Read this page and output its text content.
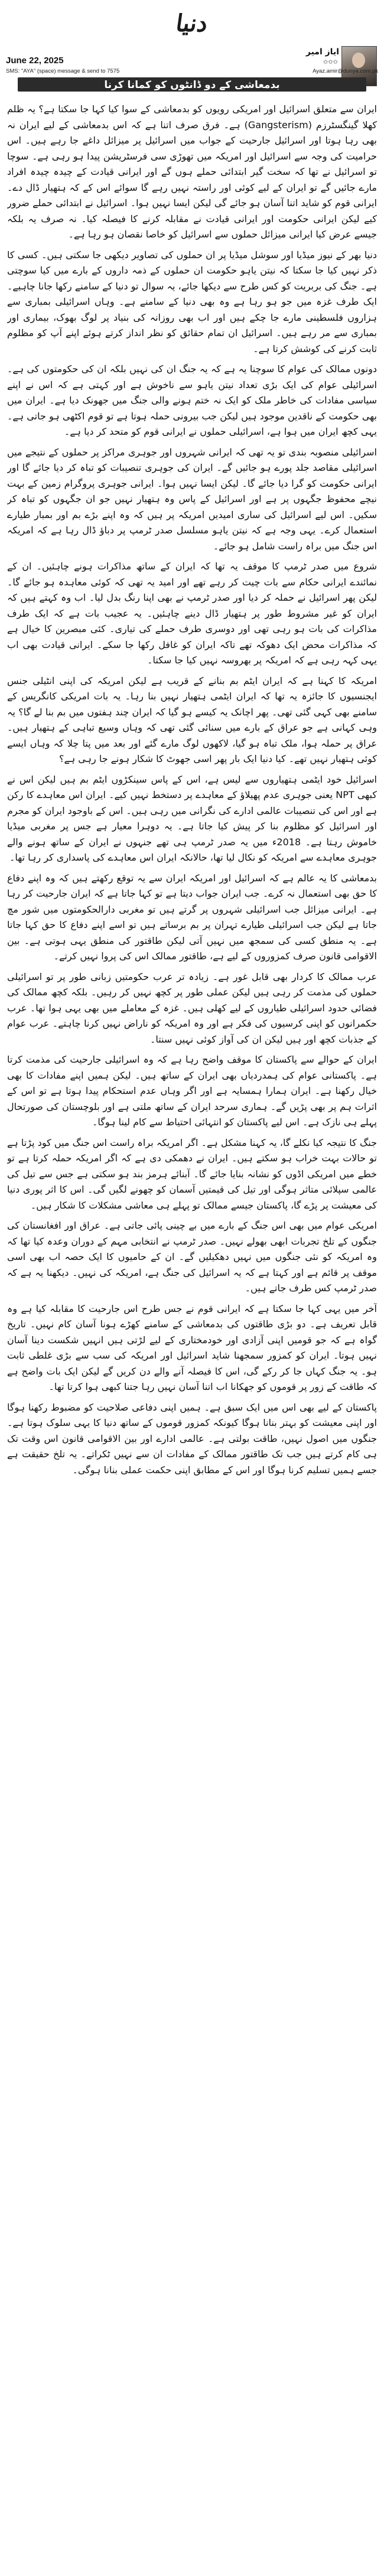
دنیا
ایاز امیر
✩✩✩
June 22, 2025
SMS: "AYA" (space) message & send to 7575	Ayaz.amir@dunya.com.pk
بدمعاشی کے دو ڈانٹوں کو کمانا کرنا

ایران سے متعلق اسرائیل اور امریکی رویوں کو بدمعاشی کے سوا کیا کہا جا سکتا ہے؟ یہ ظلم کھلا گینگسٹرزم (Gangsterism) ہے۔ فرق صرف اتنا ہے کہ اس بدمعاشی کے لیے ایران نہ بھی رہا ہوتا اور اسرائیل جارحیت کے جواب میں اسرائیل پر میزائل داغے جا رہے ہیں۔ اس حرامیت کی وجہ سے اسرائیل اور امریکہ میں تھوڑی سی فرسٹریشن پیدا ہو رہی ہے۔ سوچا تو اسرائیل نے تھا کہ سخت گیر ابتدائی حملے ہوں گے اور ایرانی قیادت کے چیدہ چیدہ افراد مارے جائیں گے تو ایران کے لیے کوئی اور راستہ نہیں رہے گا سوائے اس کے کہ ہتھیار ڈال دے۔ ایرانی قوم کو شاید اتنا آسان ہو جائے گی لیکن ایسا نہیں ہوا۔ اسرائیل نے ابتدائی حملے ضرور کیے لیکن ایرانی حکومت اور ایرانی قیادت نے مقابلہ کرنے کا فیصلہ کیا۔ نہ صرف یہ بلکہ جیسے عرض کیا ایرانی میزائل حملوں سے اسرائیل کو خاصا نقصان ہو رہا ہے۔

دنیا بھر کے نیوز میڈیا اور سوشل میڈیا پر ان حملوں کی تصاویر دیکھی جا سکتی ہیں۔ کسی کا ذکر نہیں کیا جا سکتا کہ نیتن یاہو حکومت ان حملوں کے ذمہ داروں کے بارے میں کیا سوچتی ہے۔ جنگ کی بربریت کو کس طرح سے دیکھا جائے، یہ سوال تو دنیا کے سامنے رکھا جانا چاہیے۔ ایک طرف غزہ میں جو ہو رہا ہے وہ بھی دنیا کے سامنے ہے۔ وہاں اسرائیلی بمباری سے ہزاروں فلسطینی مارے جا چکے ہیں اور اب بھی روزانہ کی بنیاد پر لوگ بھوک، بیماری اور بمباری سے مر رہے ہیں۔ اسرائیل ان تمام حقائق کو نظر انداز کرتے ہوئے اپنے آپ کو مظلوم ثابت کرنے کی کوشش کرتا ہے۔

دونوں ممالک کی عوام کا سوچنا یہ ہے کہ یہ جنگ ان کی نہیں بلکہ ان کی حکومتوں کی ہے۔ اسرائیلی عوام کی ایک بڑی تعداد نیتن یاہو سے ناخوش ہے اور کہتی ہے کہ اس نے اپنے سیاسی مفادات کی خاطر ملک کو ایک نہ ختم ہونے والی جنگ میں جھونک دیا ہے۔ ایران میں بھی حکومت کے ناقدین موجود ہیں لیکن جب بیرونی حملہ ہوتا ہے تو قوم اکٹھی ہو جاتی ہے۔ یہی کچھ ایران میں ہوا ہے، اسرائیلی حملوں نے ایرانی قوم کو متحد کر دیا ہے۔

اسرائیلی منصوبہ بندی تو یہ تھی کہ ایرانی شہروں اور جوہری مراکز پر حملوں کے نتیجے میں اسرائیلی مقاصد جلد پورے ہو جائیں گے۔ ایران کی جوہری تنصیبات کو تباہ کر دیا جائے گا اور ایرانی حکومت کو گرا دیا جائے گا۔ لیکن ایسا نہیں ہوا۔ ایرانی جوہری پروگرام زمین کے بہت نیچے محفوظ جگہوں پر ہے اور اسرائیل کے پاس وہ ہتھیار نہیں جو ان جگہوں کو تباہ کر سکیں۔ اس لیے اسرائیل کی ساری امیدیں امریکہ پر ہیں کہ وہ اپنے بڑے بم اور بمبار طیارے استعمال کرے۔ یہی وجہ ہے کہ نیتن یاہو مسلسل صدر ٹرمپ پر دباؤ ڈال رہا ہے کہ امریکہ اس جنگ میں براہ راست شامل ہو جائے۔

شروع میں صدر ٹرمپ کا موقف یہ تھا کہ ایران کے ساتھ مذاکرات ہونے چاہئیں۔ ان کے نمائندے ایرانی حکام سے بات چیت کر رہے تھے اور امید یہ تھی کہ کوئی معاہدہ ہو جائے گا۔ لیکن پھر اسرائیل نے حملہ کر دیا اور صدر ٹرمپ نے بھی اپنا رنگ بدل لیا۔ اب وہ کہتے ہیں کہ ایران کو غیر مشروط طور پر ہتھیار ڈال دینے چاہئیں۔ یہ عجیب بات ہے کہ ایک طرف مذاکرات کی بات ہو رہی تھی اور دوسری طرف حملے کی تیاری۔ کئی مبصرین کا خیال ہے کہ مذاکرات محض ایک دھوکہ تھے تاکہ ایران کو غافل رکھا جا سکے۔ ایرانی قیادت بھی اب یہی کہہ رہی ہے کہ امریکہ پر بھروسہ نہیں کیا جا سکتا۔

امریکہ کا کہنا ہے کہ ایران ایٹم بم بنانے کے قریب ہے لیکن امریکہ کی اپنی انٹیلی جنس ایجنسیوں کا جائزہ یہ تھا کہ ایران ایٹمی ہتھیار نہیں بنا رہا۔ یہ بات امریکی کانگریس کے سامنے بھی کہی گئی تھی۔ پھر اچانک یہ کیسے ہو گیا کہ ایران چند ہفتوں میں بم بنا لے گا؟ یہ وہی کہانی ہے جو عراق کے بارے میں سنائی گئی تھی کہ وہاں وسیع تباہی کے ہتھیار ہیں۔ عراق پر حملہ ہوا، ملک تباہ ہو گیا، لاکھوں لوگ مارے گئے اور بعد میں پتا چلا کہ وہاں ایسے کوئی ہتھیار نہیں تھے۔ کیا دنیا ایک بار پھر اسی جھوٹ کا شکار ہونے جا رہی ہے؟

اسرائیل خود ایٹمی ہتھیاروں سے لیس ہے، اس کے پاس سینکڑوں ایٹم بم ہیں لیکن اس نے کبھی NPT یعنی جوہری عدم پھیلاؤ کے معاہدے پر دستخط نہیں کیے۔ ایران اس معاہدے کا رکن ہے اور اس کی تنصیبات عالمی ادارے کی نگرانی میں رہی ہیں۔ اس کے باوجود ایران کو مجرم اور اسرائیل کو مظلوم بنا کر پیش کیا جاتا ہے۔ یہ دوہرا معیار ہے جس پر مغربی میڈیا خاموش رہتا ہے۔ 2018ء میں یہ صدر ٹرمپ ہی تھے جنہوں نے ایران کے ساتھ ہونے والے جوہری معاہدے سے امریکہ کو نکال لیا تھا، حالانکہ ایران اس معاہدے کی پاسداری کر رہا تھا۔

بدمعاشی کا یہ عالم ہے کہ اسرائیل اور امریکہ ایران سے یہ توقع رکھتے ہیں کہ وہ اپنے دفاع کا حق بھی استعمال نہ کرے۔ جب ایران جواب دیتا ہے تو کہا جاتا ہے کہ ایران جارحیت کر رہا ہے۔ ایرانی میزائل جب اسرائیلی شہروں پر گرتے ہیں تو مغربی دارالحکومتوں میں شور مچ جاتا ہے لیکن جب اسرائیلی طیارے تہران پر بم برساتے ہیں تو اسے اپنے دفاع کا حق کہا جاتا ہے۔ یہ منطق کسی کی سمجھ میں نہیں آتی لیکن طاقتور کی منطق یہی ہوتی ہے۔ بین الاقوامی قانون صرف کمزوروں کے لیے ہے، طاقتور ممالک اس کی پروا نہیں کرتے۔

عرب ممالک کا کردار بھی قابل غور ہے۔ زیادہ تر عرب حکومتیں زبانی طور پر تو اسرائیلی حملوں کی مذمت کر رہی ہیں لیکن عملی طور پر کچھ نہیں کر رہیں۔ بلکہ کچھ ممالک کی فضائی حدود اسرائیلی طیاروں کے لیے کھلی ہیں۔ غزہ کے معاملے میں بھی یہی ہوا تھا۔ عرب حکمرانوں کو اپنی کرسیوں کی فکر ہے اور وہ امریکہ کو ناراض نہیں کرنا چاہتے۔ عرب عوام کے جذبات کچھ اور ہیں لیکن ان کی آواز کوئی نہیں سنتا۔

ایران کے حوالے سے پاکستان کا موقف واضح رہا ہے کہ وہ اسرائیلی جارحیت کی مذمت کرتا ہے۔ پاکستانی عوام کی ہمدردیاں بھی ایران کے ساتھ ہیں۔ لیکن ہمیں اپنے مفادات کا بھی خیال رکھنا ہے۔ ایران ہمارا ہمسایہ ہے اور اگر وہاں عدم استحکام پیدا ہوتا ہے تو اس کے اثرات ہم پر بھی پڑیں گے۔ ہماری سرحد ایران کے ساتھ ملتی ہے اور بلوچستان کی صورتحال پہلے ہی نازک ہے۔ اس لیے پاکستان کو انتہائی احتیاط سے کام لینا ہوگا۔

جنگ کا نتیجہ کیا نکلے گا، یہ کہنا مشکل ہے۔ اگر امریکہ براہ راست اس جنگ میں کود پڑتا ہے تو حالات بہت خراب ہو سکتے ہیں۔ ایران نے دھمکی دی ہے کہ اگر امریکہ حملہ کرتا ہے تو خطے میں امریکی اڈوں کو نشانہ بنایا جائے گا۔ آبنائے ہرمز بند ہو سکتی ہے جس سے تیل کی عالمی سپلائی متاثر ہوگی اور تیل کی قیمتیں آسمان کو چھونے لگیں گی۔ اس کا اثر پوری دنیا کی معیشت پر پڑے گا، پاکستان جیسے ممالک تو پہلے ہی معاشی مشکلات کا شکار ہیں۔

امریکی عوام میں بھی اس جنگ کے بارے میں بے چینی پائی جاتی ہے۔ عراق اور افغانستان کی جنگوں کے تلخ تجربات ابھی بھولے نہیں۔ صدر ٹرمپ نے انتخابی مہم کے دوران وعدہ کیا تھا کہ وہ امریکہ کو نئی جنگوں میں نہیں دھکیلیں گے۔ ان کے حامیوں کا ایک حصہ اب بھی اسی موقف پر قائم ہے اور کہتا ہے کہ یہ اسرائیل کی جنگ ہے، امریکہ کی نہیں۔ دیکھنا یہ ہے کہ صدر ٹرمپ کس طرف جاتے ہیں۔

آخر میں یہی کہا جا سکتا ہے کہ ایرانی قوم نے جس طرح اس جارحیت کا مقابلہ کیا ہے وہ قابل تعریف ہے۔ دو بڑی طاقتوں کی بدمعاشی کے سامنے کھڑے ہونا آسان کام نہیں۔ تاریخ گواہ ہے کہ جو قومیں اپنی آزادی اور خودمختاری کے لیے لڑتی ہیں انہیں شکست دینا آسان نہیں ہوتا۔ ایران کو کمزور سمجھنا شاید اسرائیل اور امریکہ کی سب سے بڑی غلطی ثابت ہو۔ یہ جنگ کہاں جا کر رکے گی، اس کا فیصلہ آنے والے دن کریں گے لیکن ایک بات واضح ہے کہ طاقت کے زور پر قوموں کو جھکانا اب اتنا آسان نہیں رہا جتنا کبھی ہوا کرتا تھا۔

پاکستان کے لیے بھی اس میں ایک سبق ہے۔ ہمیں اپنی دفاعی صلاحیت کو مضبوط رکھنا ہوگا اور اپنی معیشت کو بہتر بنانا ہوگا کیونکہ کمزور قوموں کے ساتھ دنیا کا یہی سلوک ہوتا ہے۔ جنگوں میں اصول نہیں، طاقت بولتی ہے۔ عالمی ادارے اور بین الاقوامی قانون اس وقت تک ہی کام کرتے ہیں جب تک طاقتور ممالک کے مفادات ان سے نہیں ٹکراتے۔ یہ تلخ حقیقت ہے جسے ہمیں تسلیم کرنا ہوگا اور اس کے مطابق اپنی حکمت عملی بنانا ہوگی۔
